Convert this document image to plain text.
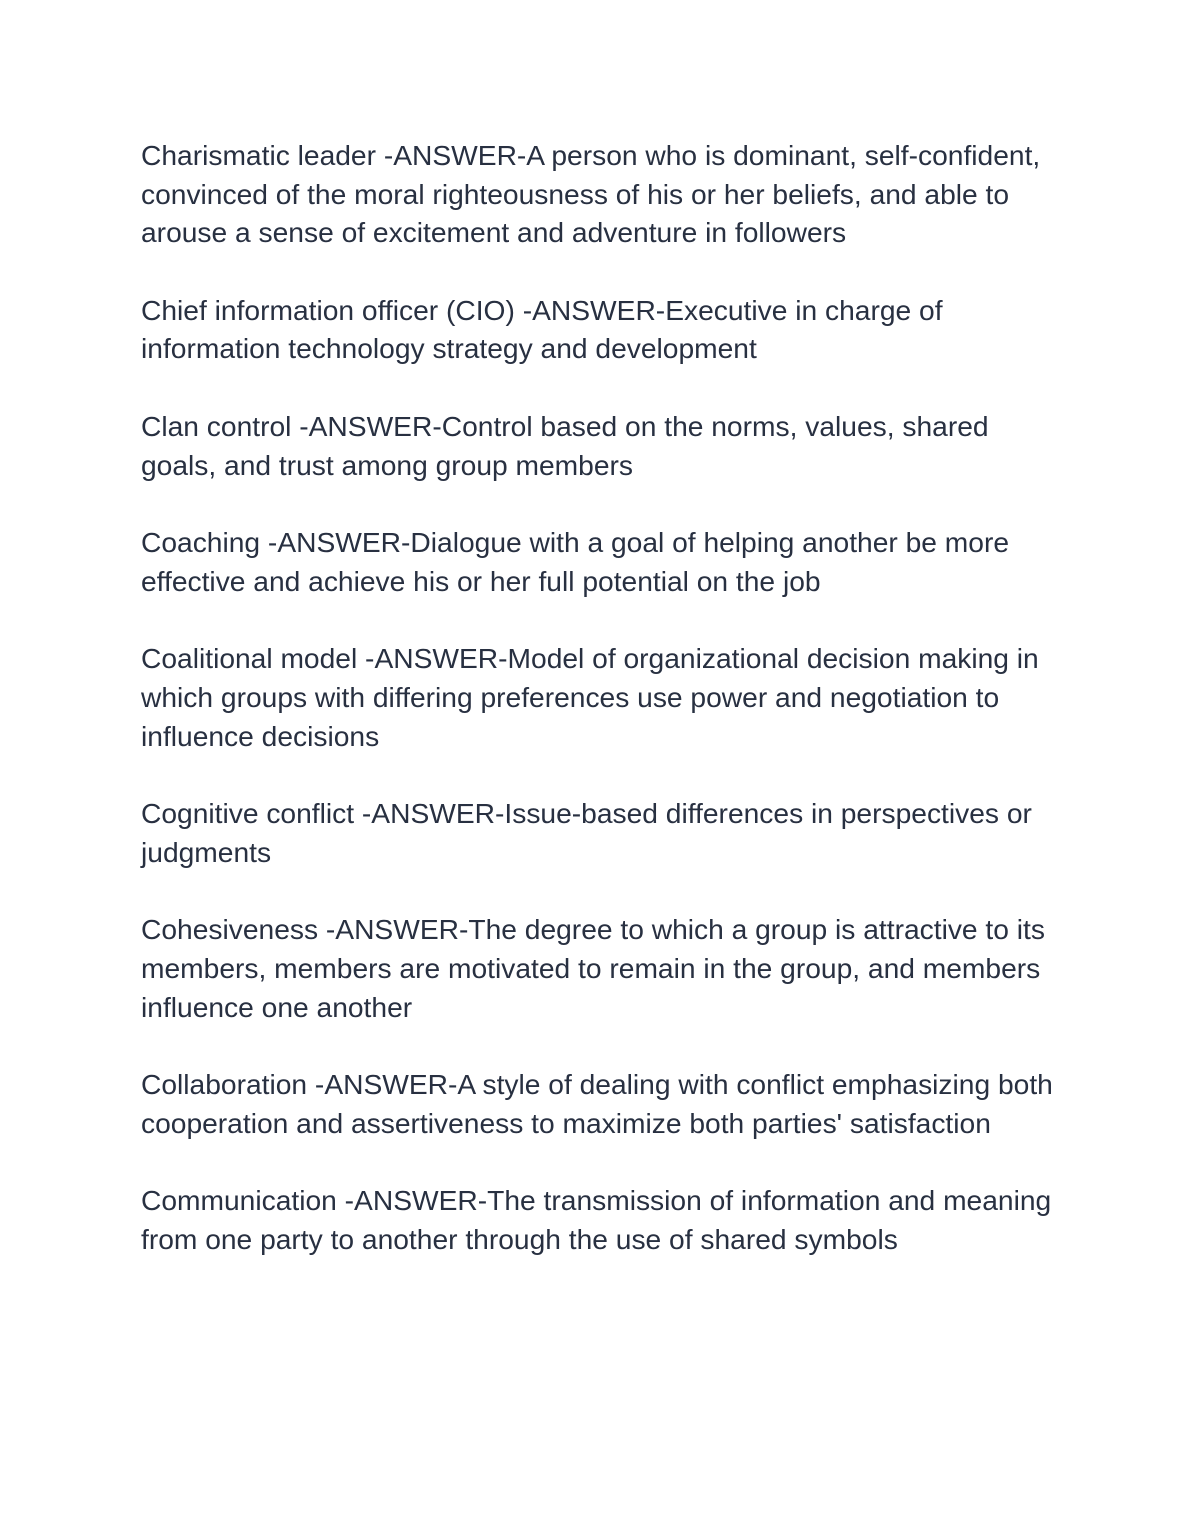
Charismatic leader -ANSWER-A person who is dominant, self-confident, convinced of the moral righteousness of his or her beliefs, and able to arouse a sense of excitement and adventure in followers

Chief information officer (CIO) -ANSWER-Executive in charge of information technology strategy and development

Clan control -ANSWER-Control based on the norms, values, shared goals, and trust among group members

Coaching -ANSWER-Dialogue with a goal of helping another be more effective and achieve his or her full potential on the job

Coalitional model -ANSWER-Model of organizational decision making in which groups with differing preferences use power and negotiation to influence decisions

Cognitive conflict -ANSWER-Issue-based differences in perspectives or judgments

Cohesiveness -ANSWER-The degree to which a group is attractive to its members, members are motivated to remain in the group, and members influence one another

Collaboration -ANSWER-A style of dealing with conflict emphasizing both cooperation and assertiveness to maximize both parties' satisfaction

Communication -ANSWER-The transmission of information and meaning from one party to another through the use of shared symbols
